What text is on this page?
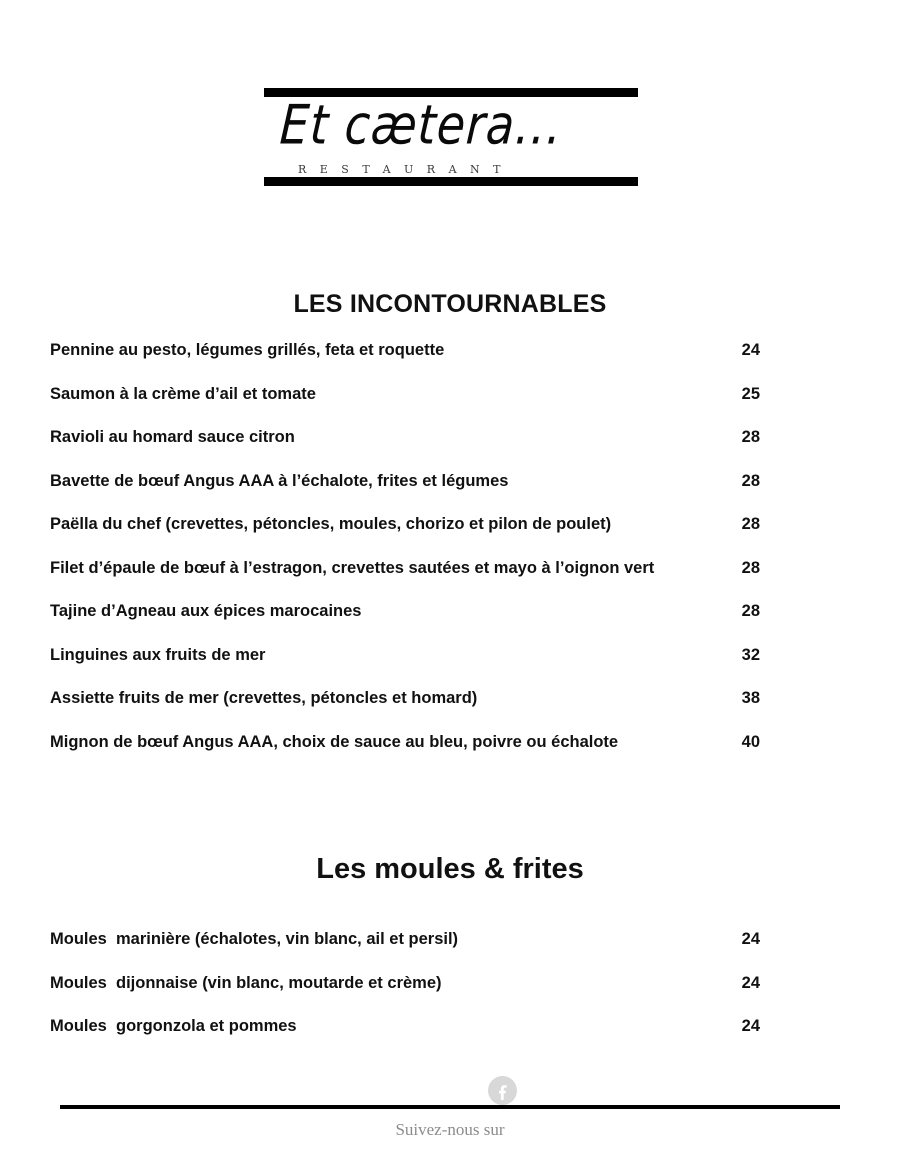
Et cætera...
RESTAURANT
LES INCONTOURNABLES
Pennine au pesto, légumes grillés, feta et roquette	24
Saumon à la crème d’ail et tomate	25
Ravioli au homard sauce citron	28
Bavette de bœuf Angus AAA à l’échalote, frites et légumes	28
Paëlla du chef (crevettes, pétoncles, moules, chorizo et pilon de poulet)	28
Filet d’épaule de bœuf à l’estragon, crevettes sautées et mayo à l’oignon vert	28
Tajine d’Agneau aux épices marocaines	28
Linguines aux fruits de mer	32
Assiette fruits de mer (crevettes, pétoncles et homard)	38
Mignon de bœuf Angus AAA, choix de sauce au bleu, poivre ou échalote	40
Les moules & frites
Moules  marinière (échalotes, vin blanc, ail et persil)	24
Moules  dijonnaise (vin blanc, moutarde et crème)	24
Moules  gorgonzola et pommes	24
Suivez-nous sur
